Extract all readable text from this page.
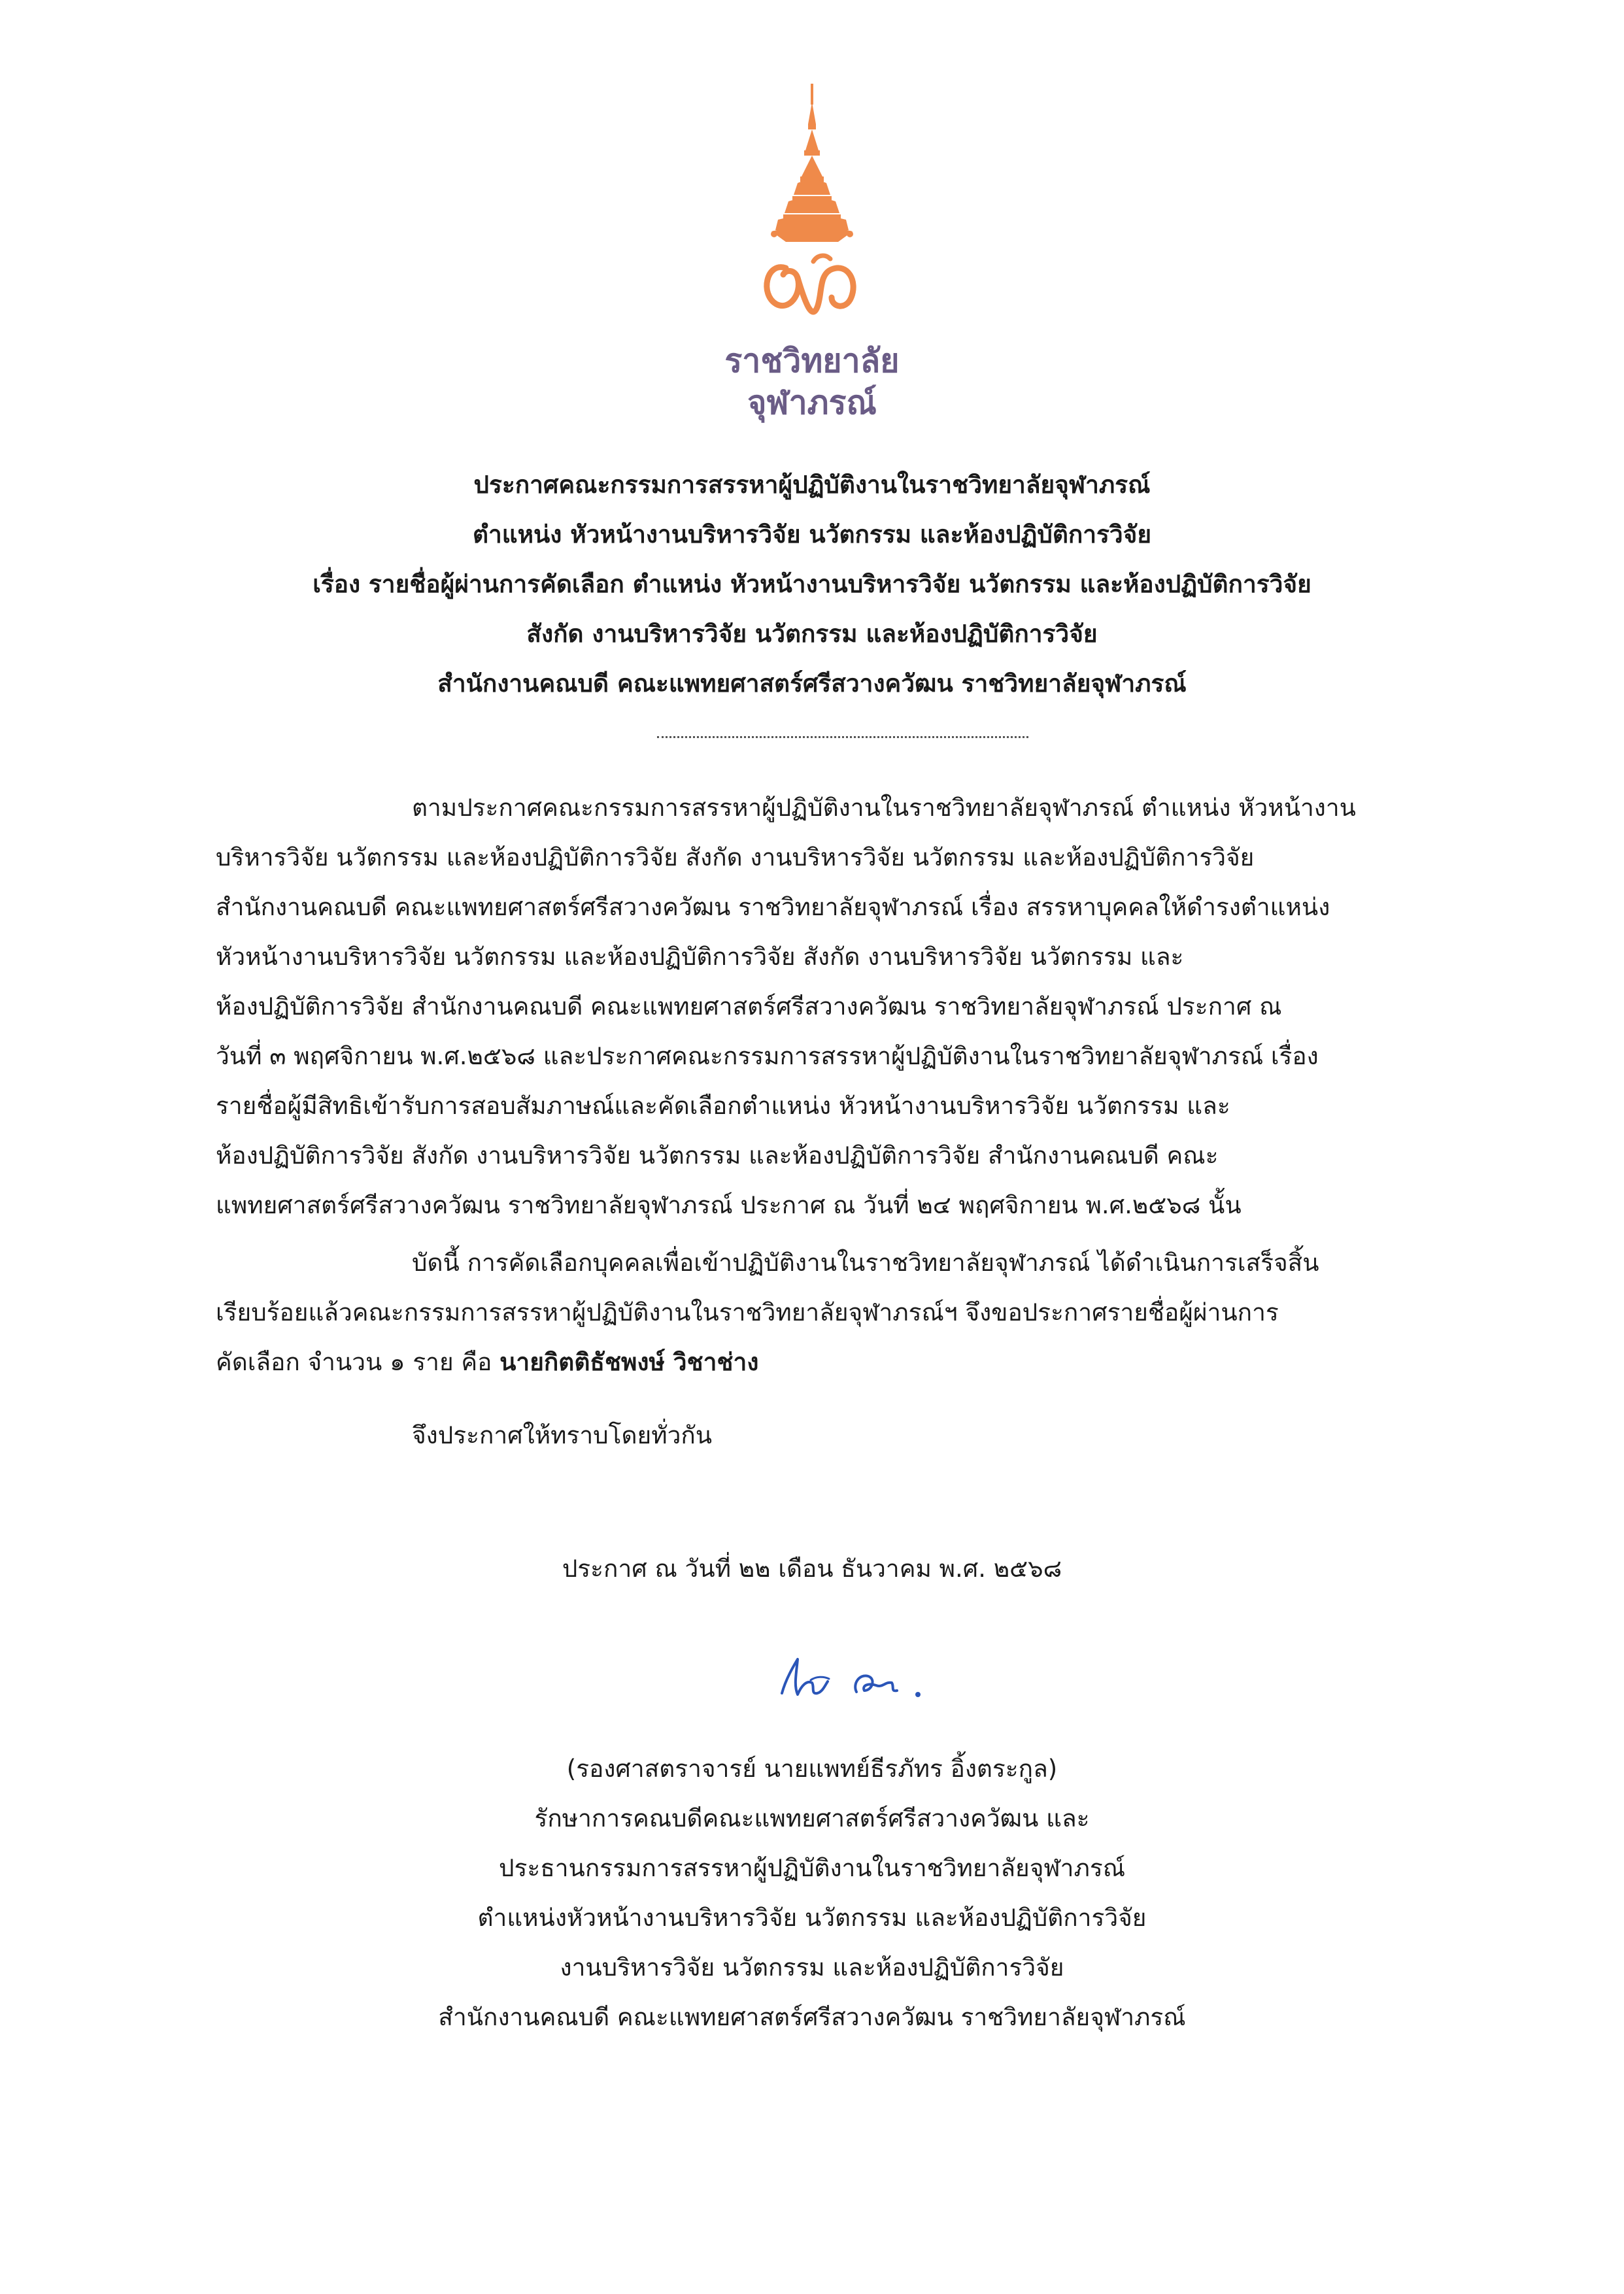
ราชวิทยาลัย
จุฬาภรณ์
ประกาศคณะกรรมการสรรหาผู้ปฏิบัติงานในราชวิทยาลัยจุฬาภรณ์
ตำแหน่ง หัวหน้างานบริหารวิจัย นวัตกรรม และห้องปฏิบัติการวิจัย
เรื่อง รายชื่อผู้ผ่านการคัดเลือก ตำแหน่ง หัวหน้างานบริหารวิจัย นวัตกรรม และห้องปฏิบัติการวิจัย
สังกัด งานบริหารวิจัย นวัตกรรม และห้องปฏิบัติการวิจัย
สำนักงานคณบดี คณะแพทยศาสตร์ศรีสวางควัฒน ราชวิทยาลัยจุฬาภรณ์
ตามประกาศคณะกรรมการสรรหาผู้ปฏิบัติงานในราชวิทยาลัยจุฬาภรณ์ ตำแหน่ง หัวหน้างาน
บริหารวิจัย นวัตกรรม และห้องปฏิบัติการวิจัย สังกัด งานบริหารวิจัย นวัตกรรม และห้องปฏิบัติการวิจัย
สำนักงานคณบดี คณะแพทยศาสตร์ศรีสวางควัฒน ราชวิทยาลัยจุฬาภรณ์ เรื่อง สรรหาบุคคลให้ดำรงตำแหน่ง
หัวหน้างานบริหารวิจัย นวัตกรรม และห้องปฏิบัติการวิจัย สังกัด งานบริหารวิจัย นวัตกรรม และ
ห้องปฏิบัติการวิจัย สำนักงานคณบดี คณะแพทยศาสตร์ศรีสวางควัฒน ราชวิทยาลัยจุฬาภรณ์ ประกาศ ณ
วันที่ ๓ พฤศจิกายน พ.ศ.๒๕๖๘ และประกาศคณะกรรมการสรรหาผู้ปฏิบัติงานในราชวิทยาลัยจุฬาภรณ์ เรื่อง
รายชื่อผู้มีสิทธิเข้ารับการสอบสัมภาษณ์และคัดเลือกตำแหน่ง หัวหน้างานบริหารวิจัย นวัตกรรม และ
ห้องปฏิบัติการวิจัย สังกัด งานบริหารวิจัย นวัตกรรม และห้องปฏิบัติการวิจัย สำนักงานคณบดี คณะ
แพทยศาสตร์ศรีสวางควัฒน ราชวิทยาลัยจุฬาภรณ์ ประกาศ ณ วันที่ ๒๔ พฤศจิกายน พ.ศ.๒๕๖๘ นั้น
บัดนี้ การคัดเลือกบุคคลเพื่อเข้าปฏิบัติงานในราชวิทยาลัยจุฬาภรณ์ ได้ดำเนินการเสร็จสิ้น
เรียบร้อยแล้วคณะกรรมการสรรหาผู้ปฏิบัติงานในราชวิทยาลัยจุฬาภรณ์ฯ จึงขอประกาศรายชื่อผู้ผ่านการ
คัดเลือก จำนวน ๑ ราย คือ นายกิตติธัชพงษ์ วิชาช่าง
จึงประกาศให้ทราบโดยทั่วกัน
ประกาศ ณ วันที่ ๒๒ เดือน ธันวาคม พ.ศ. ๒๕๖๘
(รองศาสตราจารย์ นายแพทย์ธีรภัทร อิ้งตระกูล)
รักษาการคณบดีคณะแพทยศาสตร์ศรีสวางควัฒน และ
ประธานกรรมการสรรหาผู้ปฏิบัติงานในราชวิทยาลัยจุฬาภรณ์
ตำแหน่งหัวหน้างานบริหารวิจัย นวัตกรรม และห้องปฏิบัติการวิจัย
งานบริหารวิจัย นวัตกรรม และห้องปฏิบัติการวิจัย
สำนักงานคณบดี คณะแพทยศาสตร์ศรีสวางควัฒน ราชวิทยาลัยจุฬาภรณ์
